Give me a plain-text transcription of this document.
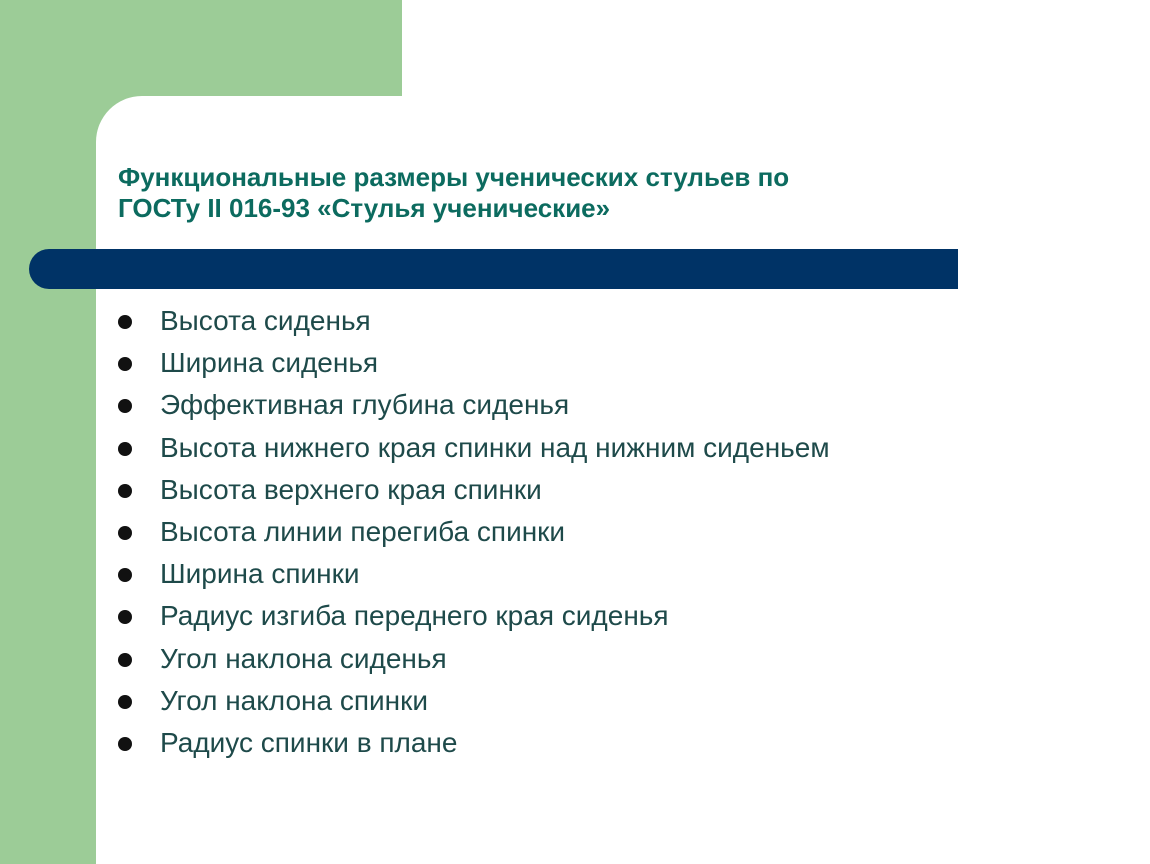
Функциональные размеры ученических стульев по
ГОСТу II 016-93 «Стулья ученические»
Высота сиденья
Ширина сиденья
Эффективная глубина сиденья
Высота нижнего края спинки над нижним сиденьем
Высота верхнего края спинки
Высота линии перегиба спинки
Ширина спинки
Радиус изгиба переднего края сиденья
Угол наклона сиденья
Угол наклона спинки
Радиус спинки в плане
